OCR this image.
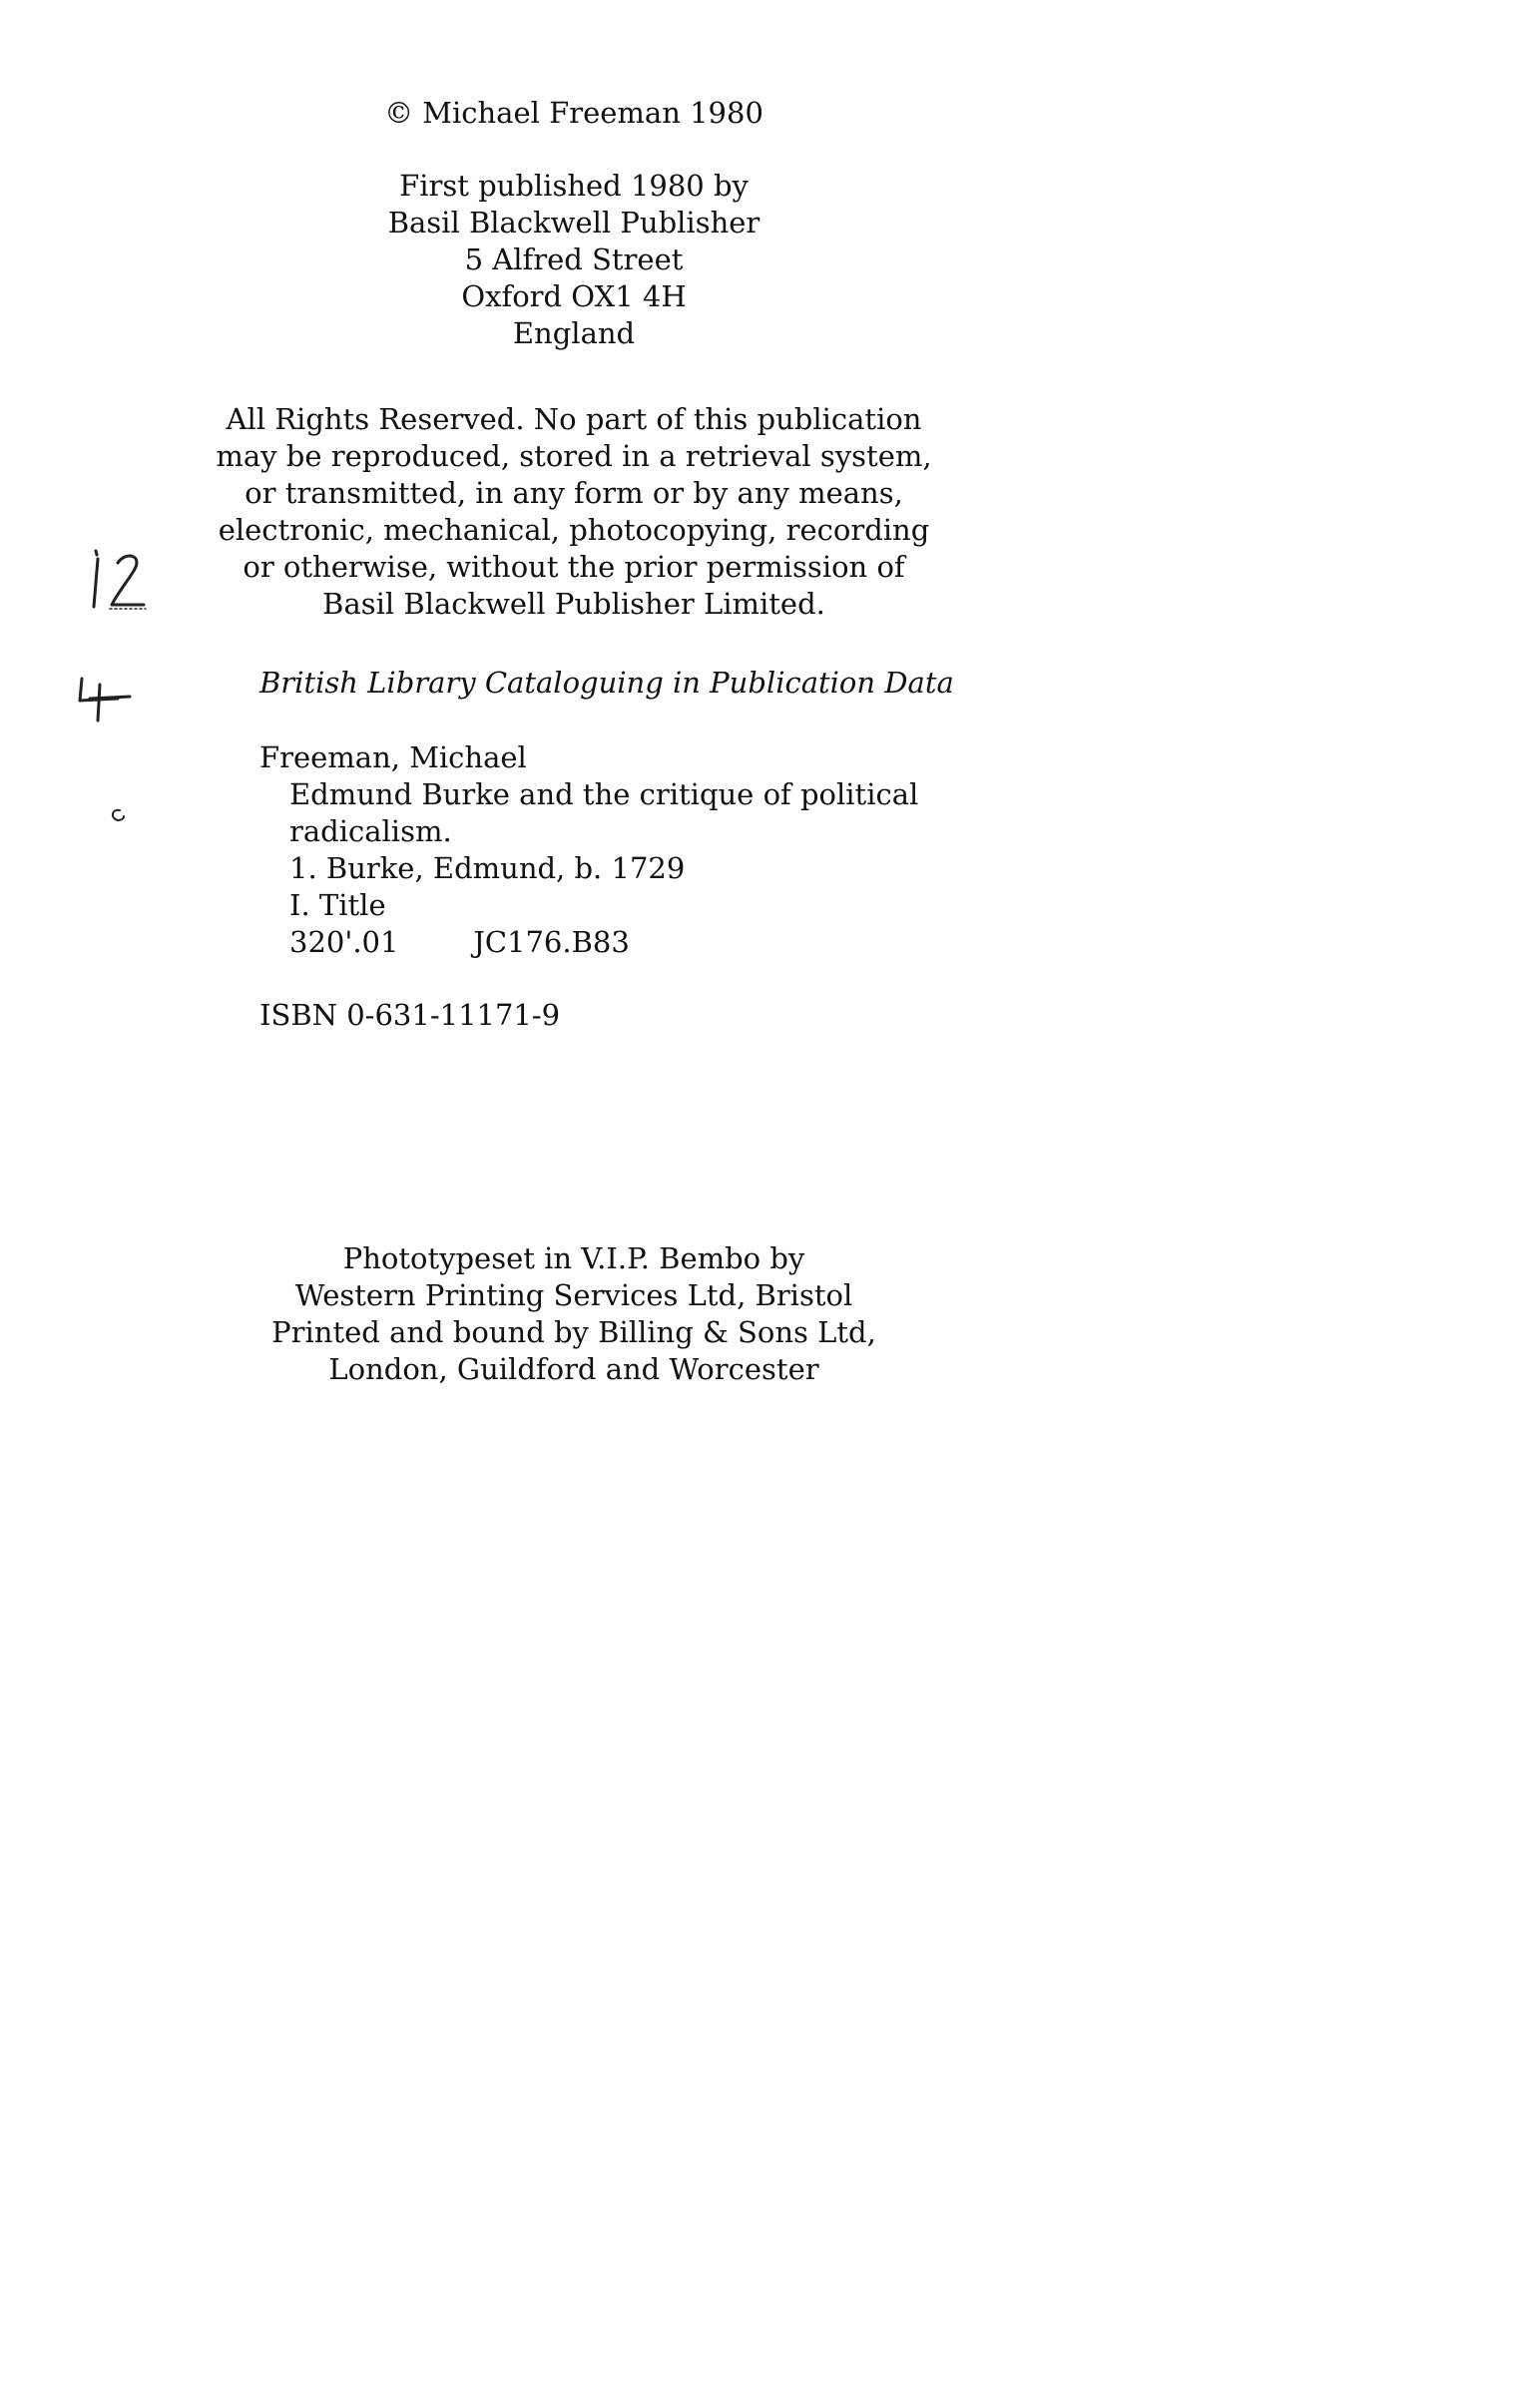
© Michael Freeman 1980
First published 1980 by
Basil Blackwell Publisher
5 Alfred Street
Oxford OX1 4H
England
All Rights Reserved. No part of this publication
may be reproduced, stored in a retrieval system,
or transmitted, in any form or by any means,
electronic, mechanical, photocopying, recording
or otherwise, without the prior permission of
Basil Blackwell Publisher Limited.
British Library Cataloguing in Publication Data
Freeman, Michael
Edmund Burke and the critique of political
radicalism.
1. Burke, Edmund, b. 1729
I. Title
320'.01	JC176.B83
ISBN 0-631-11171-9
Phototypeset in V.I.P. Bembo by
Western Printing Services Ltd, Bristol
Printed and bound by Billing & Sons Ltd,
London, Guildford and Worcester
